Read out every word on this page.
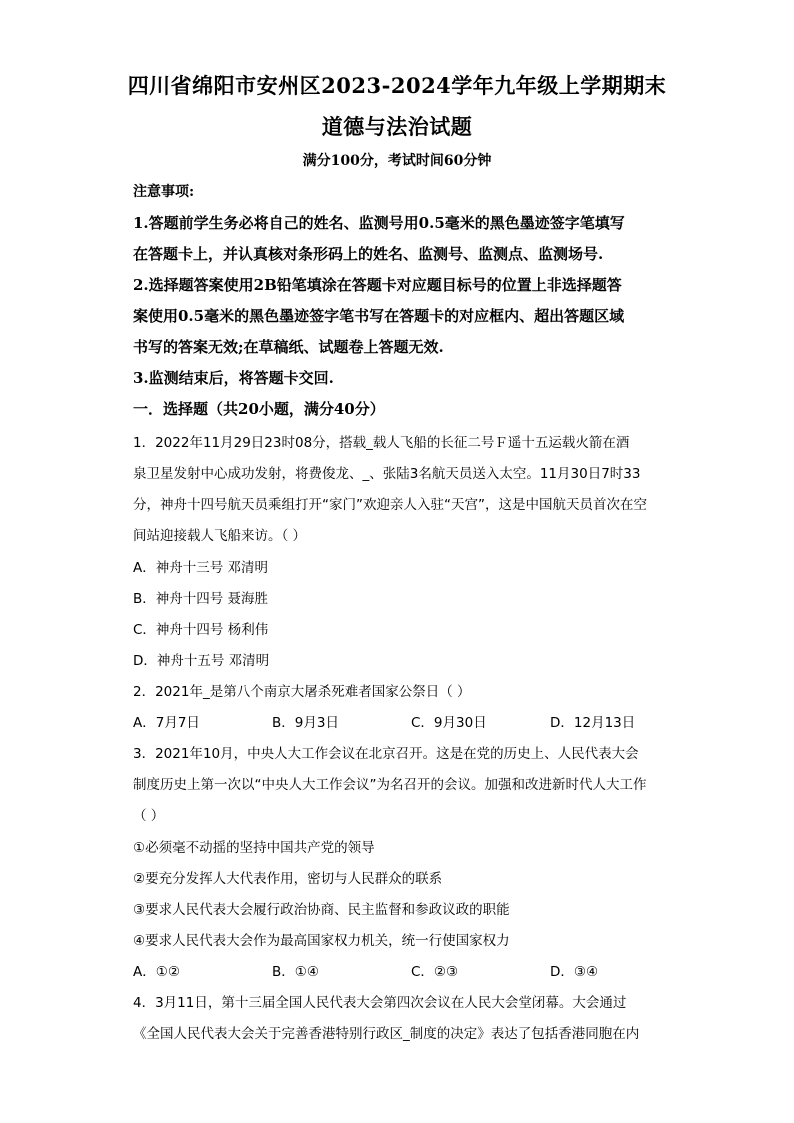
四川省绵阳市安州区2023-2024学年九年级上学期期末
道德与法治试题
满分100分，考试时间60分钟
注意事项:
1.答题前学生务必将自己的姓名、监测号用0.5毫米的黑色墨迹签字笔填写
在答题卡上，并认真核对条形码上的姓名、监测号、监测点、监测场号.
2.选择题答案使用2B铅笔填涂在答题卡对应题目标号的位置上非选择题答
案使用0.5毫米的黑色墨迹签字笔书写在答题卡的对应框内、超出答题区域
书写的答案无效;在草稿纸、试题卷上答题无效.
3.监测结束后，将答题卡交回.
一．选择题（共20小题，满分40分）
1．2022年11月29日23时08分，搭载_载人飞船的长征二号Ｆ遥十五运载火箭在酒
泉卫星发射中心成功发射，将费俊龙、_、张陆3名航天员送入太空。11月30日7时33
分，神舟十四号航天员乘组打开“家门”欢迎亲人入驻“天宫”，这是中国航天员首次在空
间站迎接载人飞船来访。（ ）
A．神舟十三号 邓清明
B．神舟十四号 聂海胜
C．神舟十四号 杨利伟
D．神舟十五号 邓清明
2．2021年_是第八个南京大屠杀死难者国家公祭日（ ）
A．7月7日	B．9月3日	C．9月30日	D．12月13日
3．2021年10月，中央人大工作会议在北京召开。这是在党的历史上、人民代表大会
制度历史上第一次以“中央人大工作会议”为名召开的会议。加强和改进新时代人大工作
（ ）
①必须毫不动摇的坚持中国共产党的领导
②要充分发挥人大代表作用，密切与人民群众的联系
③要求人民代表大会履行政治协商、民主监督和参政议政的职能
④要求人民代表大会作为最高国家权力机关，统一行使国家权力
A．①②	B．①④	C．②③	D．③④
4．3月11日，第十三届全国人民代表大会第四次会议在人民大会堂闭幕。大会通过
《全国人民代表大会关于完善香港特别行政区_制度的决定》表达了包括香港同胞在内
